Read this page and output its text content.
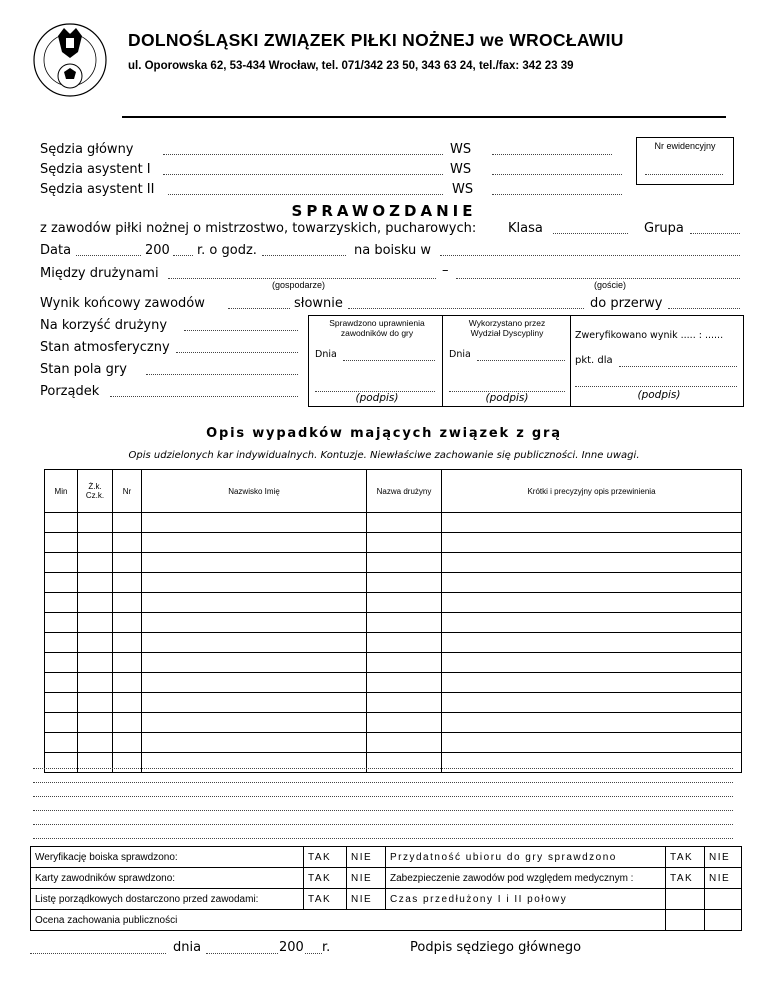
DOLNOŚLĄSKI ZWIĄZEK PIŁKI NOŻNEJ we WROCŁAWIU
ul. Oporowska 62, 53-434 Wrocław, tel. 071/342 23 50, 343 63 24, tel./fax: 342 23 39
Sędzia główny	WS
Sędzia asystent I	WS
Sędzia asystent II	WS
Nr ewidencyjny
SPRAWOZDANIE
z zawodów piłki nożnej o mistrzostwo, towarzyskich, pucharowych: Klasa	Grupa
Data	200 r. o godz.	na boisku w
Między drużynami	–
(gospodarze)	(goście)
Wynik końcowy zawodów	słownie	do przerwy
Na korzyść drużyny
Stan atmosferyczny
Stan pola gry
Porządek
Sprawdzono uprawnienia zawodników do gry
Wykorzystano przez Wydział Dyscypliny	Zweryfikowano wynik ..... : ......
Dnia	Dnia
pkt. dla
(podpis)	(podpis)	(podpis)
Opis wypadków mających związek z grą
Opis udzielonych kar indywidualnych. Kontuzje. Niewłaściwe zachowanie się publiczności. Inne uwagi.
Min	Ż.k. Cz.k.	Nr	Nazwisko Imię	Nazwa drużyny	Krótki i precyzyjny opis przewinienia

Weryfikację boiska sprawdzono:	TAK	NIE	Przydatność ubioru do gry sprawdzono	TAK	NIE
Karty zawodników sprawdzono:	TAK	NIE	Zabezpieczenie zawodów pod względem medycznym :	TAK	NIE
Listę porządkowych dostarczono przed zawodami:	TAK	NIE	Czas przedłużony I i II połowy		
Ocena zachowania publiczności					
dnia	200 r.	Podpis sędziego głównego
